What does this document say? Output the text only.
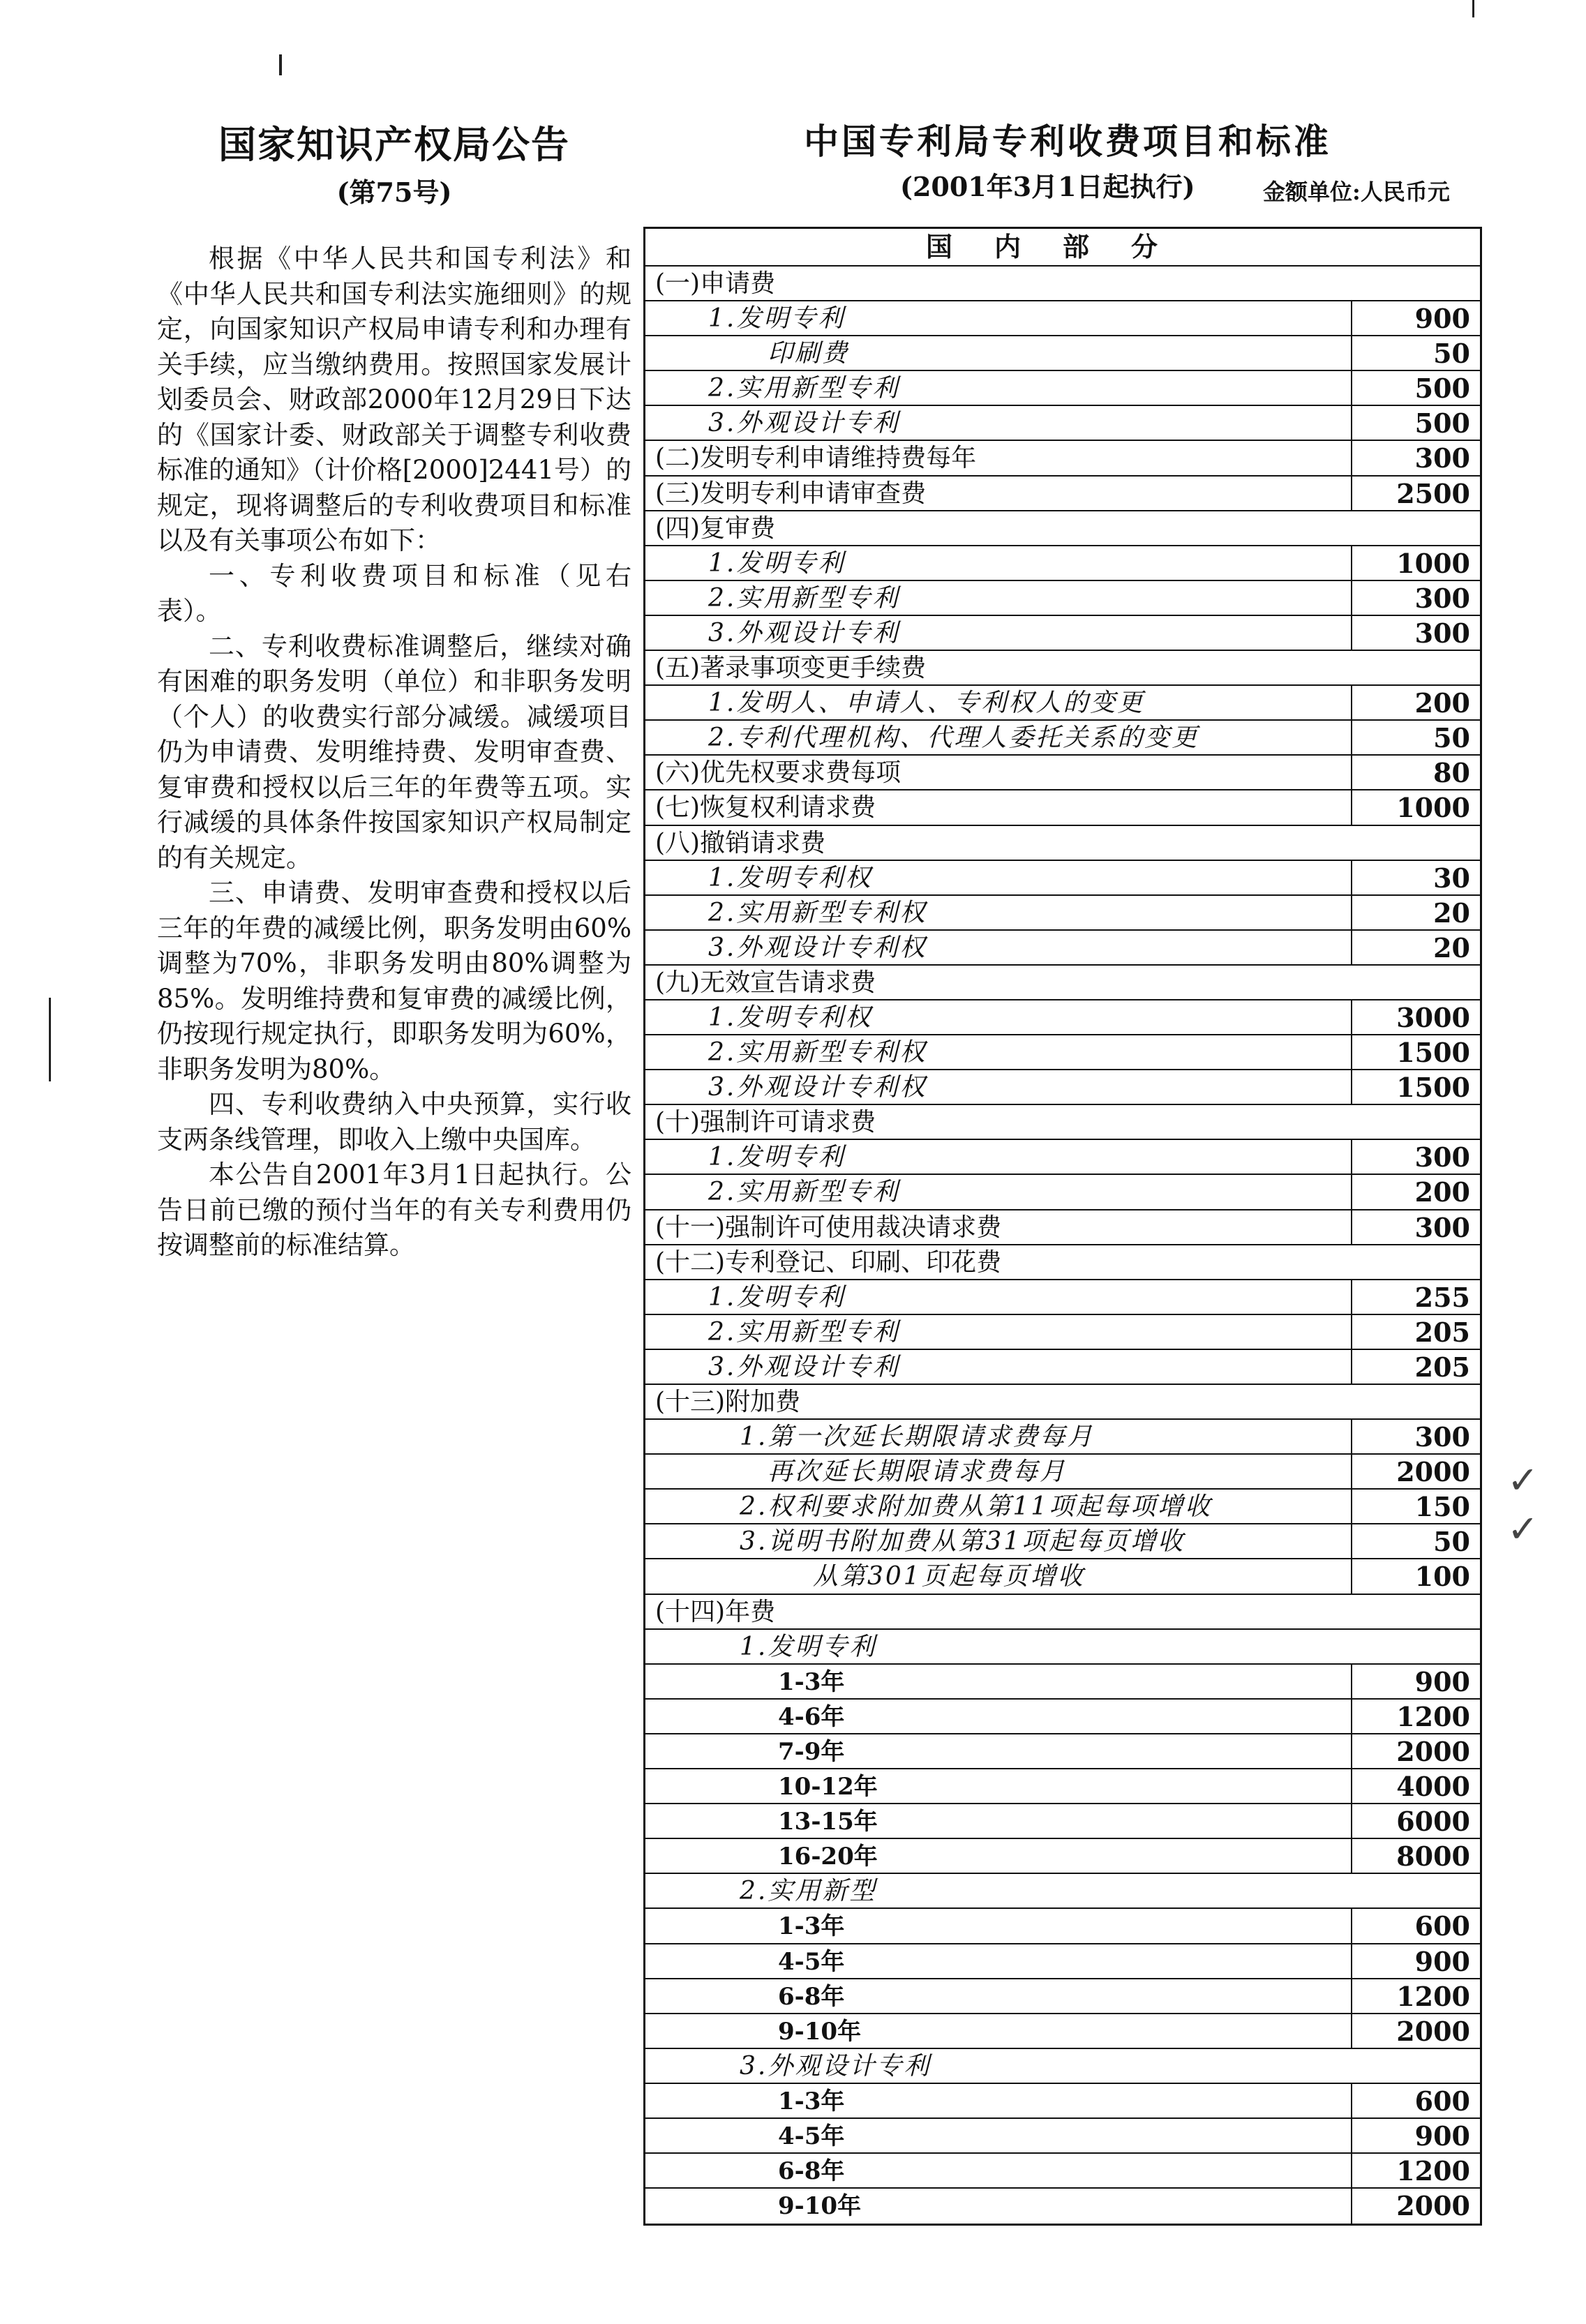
国家知识产权局公告
(第75号)

根据《中华人民共和国专利法》和《中华人民共和国专利法实施细则》的规定，向国家知识产权局申请专利和办理有关手续，应当缴纳费用。按照国家发展计划委员会、财政部2000年12月29日下达的《国家计委、财政部关于调整专利收费标准的通知》（计价格[2000]2441号）的规定，现将调整后的专利收费项目和标准以及有关事项公布如下：

一、专利收费项目和标准（见右表）。

二、专利收费标准调整后，继续对确有困难的职务发明（单位）和非职务发明（个人）的收费实行部分减缓。减缓项目仍为申请费、发明维持费、发明审查费、复审费和授权以后三年的年费等五项。实行减缓的具体条件按国家知识产权局制定的有关规定。

三、申请费、发明审查费和授权以后三年的年费的减缓比例，职务发明由60%调整为70%，非职务发明由80%调整为85%。发明维持费和复审费的减缓比例，仍按现行规定执行，即职务发明为60%，非职务发明为80%。

四、专利收费纳入中央预算，实行收支两条线管理，即收入上缴中央国库。

本公告自2001年3月1日起执行。公告日前已缴的预付当年的有关专利费用仍按调整前的标准结算。

中国专利局专利收费项目和标准
(2001年3月1日起执行)	金额单位:人民币元
国内部分
(一)申请费
1.发明专利	900
印刷费	50
2.实用新型专利	500
3.外观设计专利	500
(二)发明专利申请维持费每年	300
(三)发明专利申请审查费	2500
(四)复审费
1.发明专利	1000
2.实用新型专利	300
3.外观设计专利	300
(五)著录事项变更手续费
1.发明人、申请人、专利权人的变更	200
2.专利代理机构、代理人委托关系的变更	50
(六)优先权要求费每项	80
(七)恢复权利请求费	1000
(八)撤销请求费
1.发明专利权	30
2.实用新型专利权	20
3.外观设计专利权	20
(九)无效宣告请求费
1.发明专利权	3000
2.实用新型专利权	1500
3.外观设计专利权	1500
(十)强制许可请求费
1.发明专利	300
2.实用新型专利	200
(十一)强制许可使用裁决请求费	300
(十二)专利登记、印刷、印花费
1.发明专利	255
2.实用新型专利	205
3.外观设计专利	205
(十三)附加费
1.第一次延长期限请求费每月	300
再次延长期限请求费每月	2000
2.权利要求附加费从第11项起每项增收	150
3.说明书附加费从第31项起每页增收	50
从第301页起每页增收	100
(十四)年费
1.发明专利
1-3年	900
4-6年	1200
7-9年	2000
10-12年	4000
13-15年	6000
16-20年	8000
2.实用新型
1-3年	600
4-5年	900
6-8年	1200
9-10年	2000
3.外观设计专利
1-3年	600
4-5年	900
6-8年	1200
9-10年	2000
✓
✓
